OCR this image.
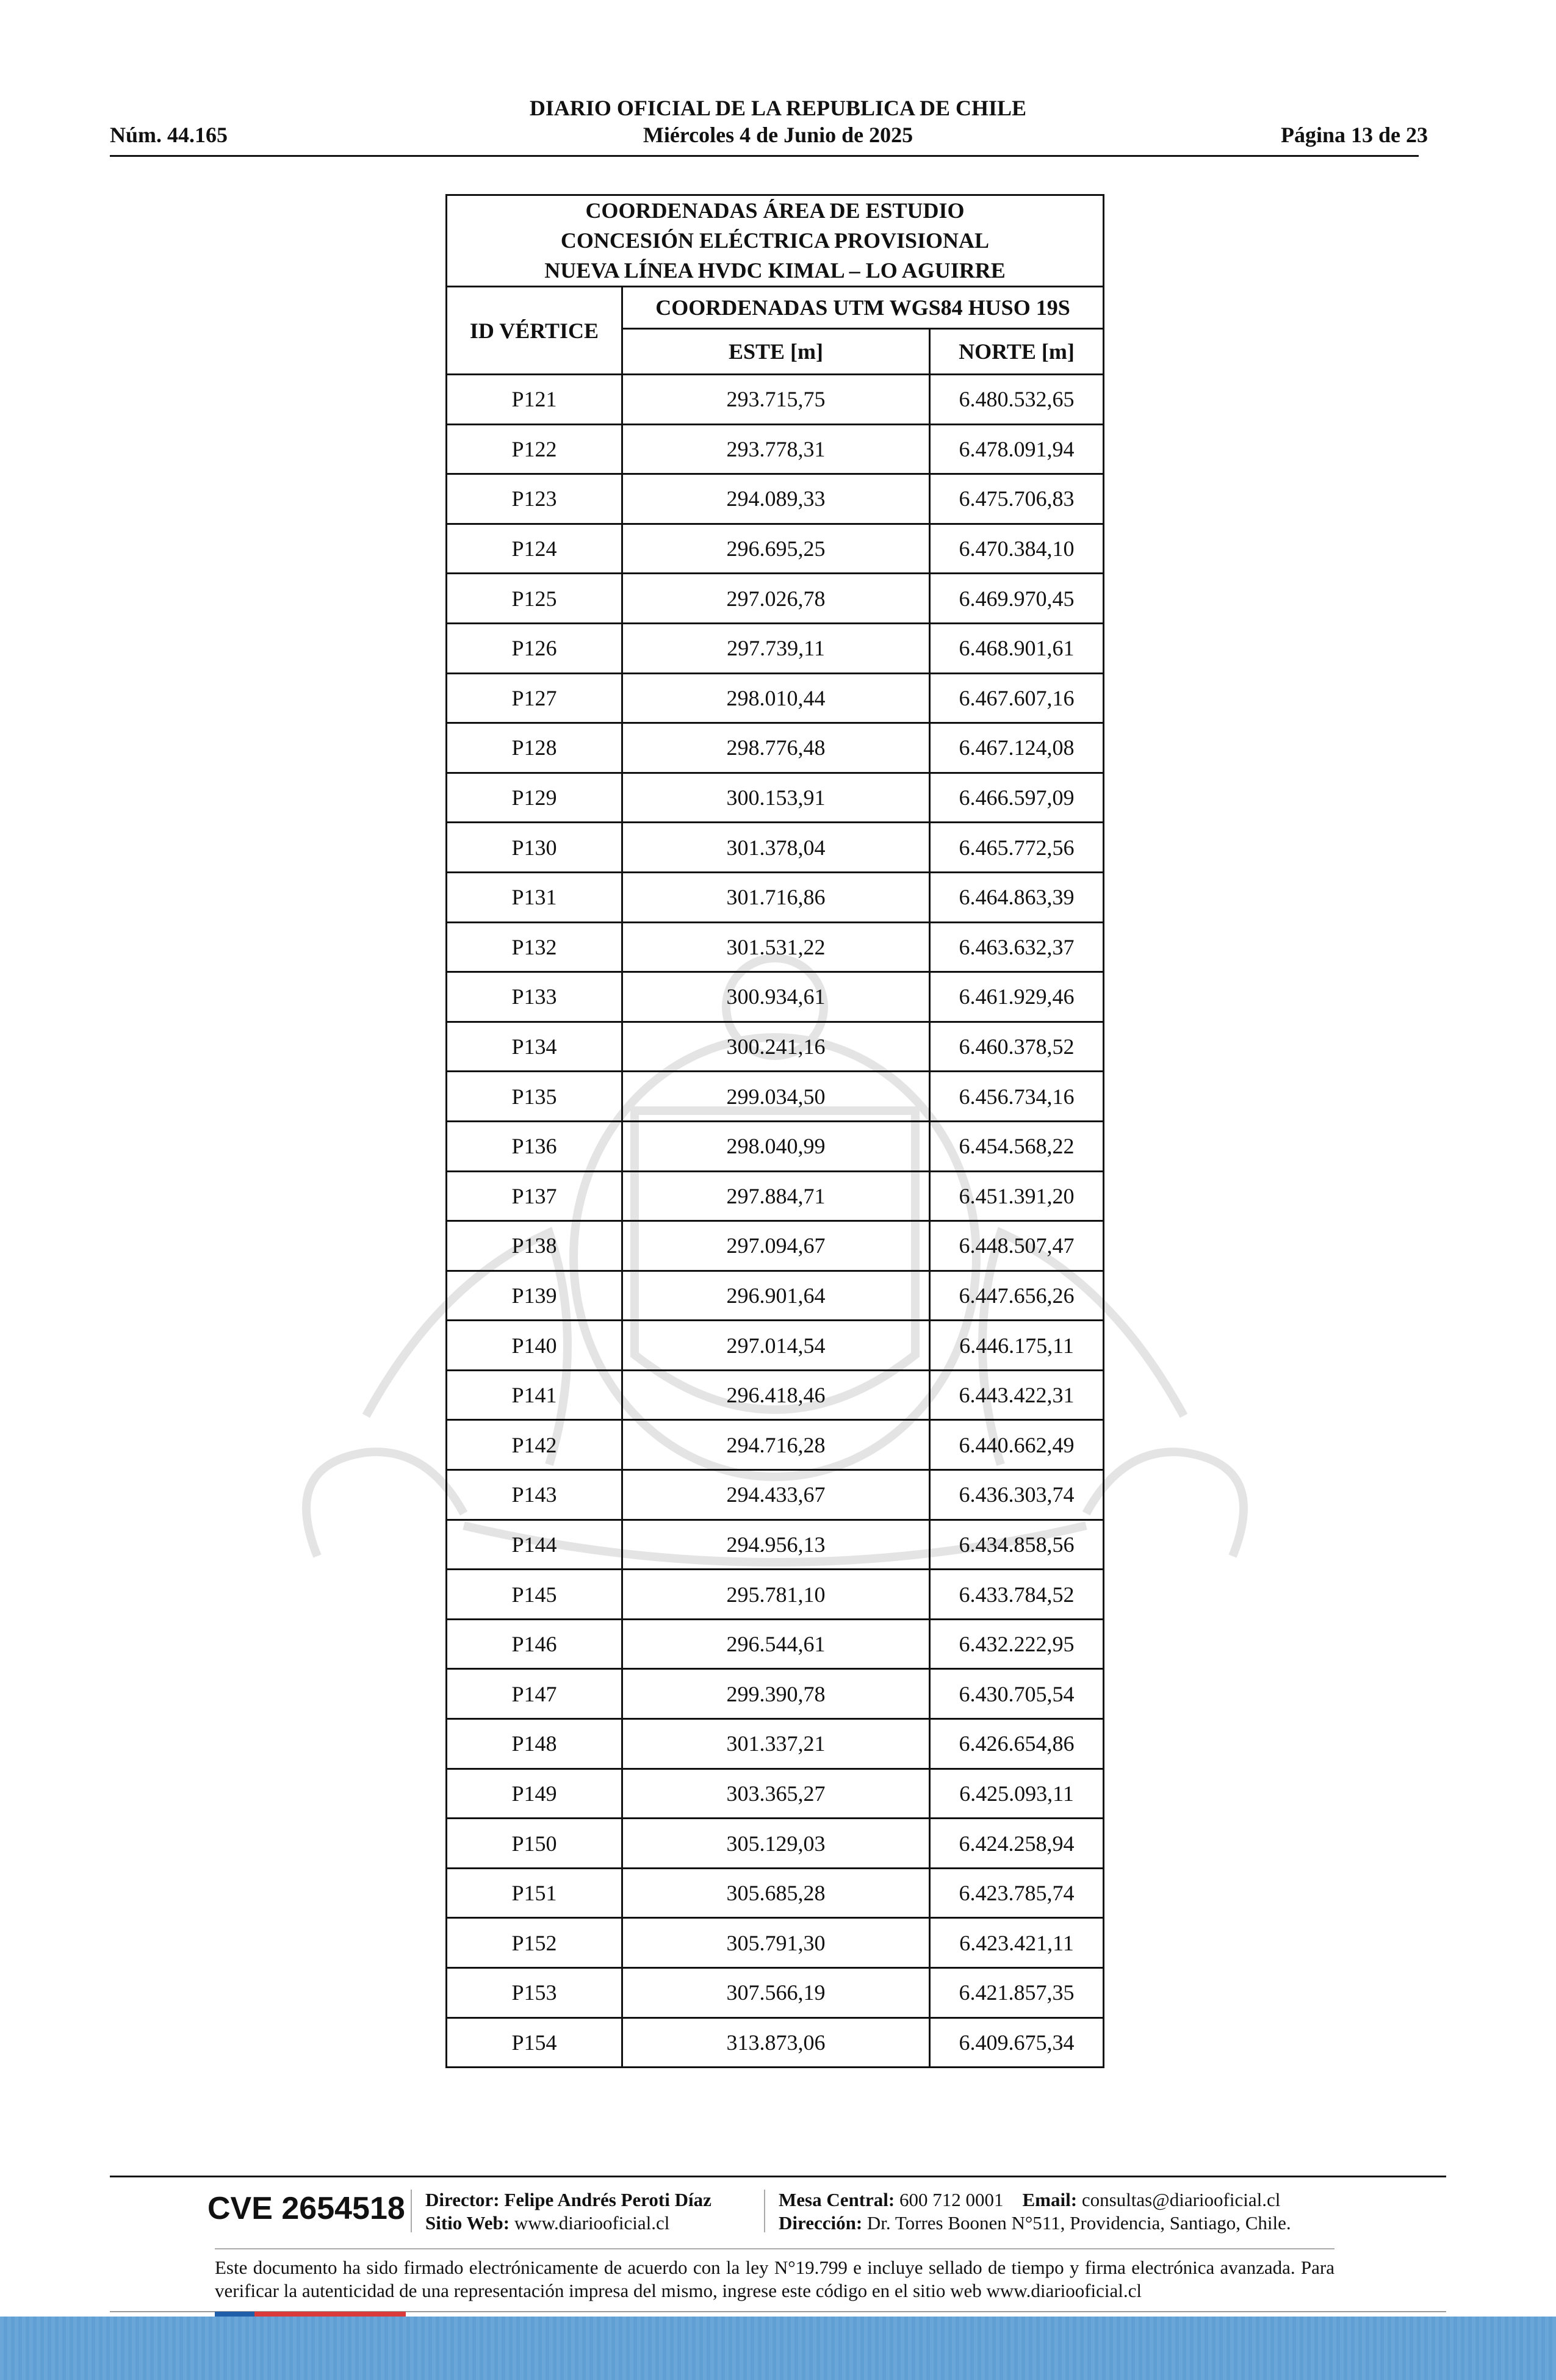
DIARIO OFICIAL DE LA REPUBLICA DE CHILE
Miércoles 4 de Junio de 2025
Núm. 44.165	Página 13 de 23
COORDENADAS ÁREA DE ESTUDIO
CONCESIÓN ELÉCTRICA PROVISIONAL
NUEVA LÍNEA HVDC KIMAL – LO AGUIRRE		

ID VÉRTICE	COORDENADAS UTM WGS84 HUSO 19S	
	ESTE [m]	NORTE [m]
P121	293.715,75	6.480.532,65
P122	293.778,31	6.478.091,94
P123	294.089,33	6.475.706,83
P124	296.695,25	6.470.384,10
P125	297.026,78	6.469.970,45
P126	297.739,11	6.468.901,61
P127	298.010,44	6.467.607,16
P128	298.776,48	6.467.124,08
P129	300.153,91	6.466.597,09
P130	301.378,04	6.465.772,56
P131	301.716,86	6.464.863,39
P132	301.531,22	6.463.632,37
P133	300.934,61	6.461.929,46
P134	300.241,16	6.460.378,52
P135	299.034,50	6.456.734,16
P136	298.040,99	6.454.568,22
P137	297.884,71	6.451.391,20
P138	297.094,67	6.448.507,47
P139	296.901,64	6.447.656,26
P140	297.014,54	6.446.175,11
P141	296.418,46	6.443.422,31
P142	294.716,28	6.440.662,49
P143	294.433,67	6.436.303,74
P144	294.956,13	6.434.858,56
P145	295.781,10	6.433.784,52
P146	296.544,61	6.432.222,95
P147	299.390,78	6.430.705,54
P148	301.337,21	6.426.654,86
P149	303.365,27	6.425.093,11
P150	305.129,03	6.424.258,94
P151	305.685,28	6.423.785,74
P152	305.791,30	6.423.421,11
P153	307.566,19	6.421.857,35
P154	313.873,06	6.409.675,34
CVE 2654518 Director: Felipe Andrés Peroti Díaz
Sitio Web: www.diariooficial.cl
Mesa Central: 600 712 0001 Email: consultas@diariooficial.cl
Dirección: Dr. Torres Boonen N°511, Providencia, Santiago, Chile.
Este documento ha sido firmado electrónicamente de acuerdo con la ley N°19.799 e incluye sellado de tiempo y firma electrónica avanzada. Para verificar la autenticidad de una representación impresa del mismo, ingrese este código en el sitio web www.diariooficial.cl
